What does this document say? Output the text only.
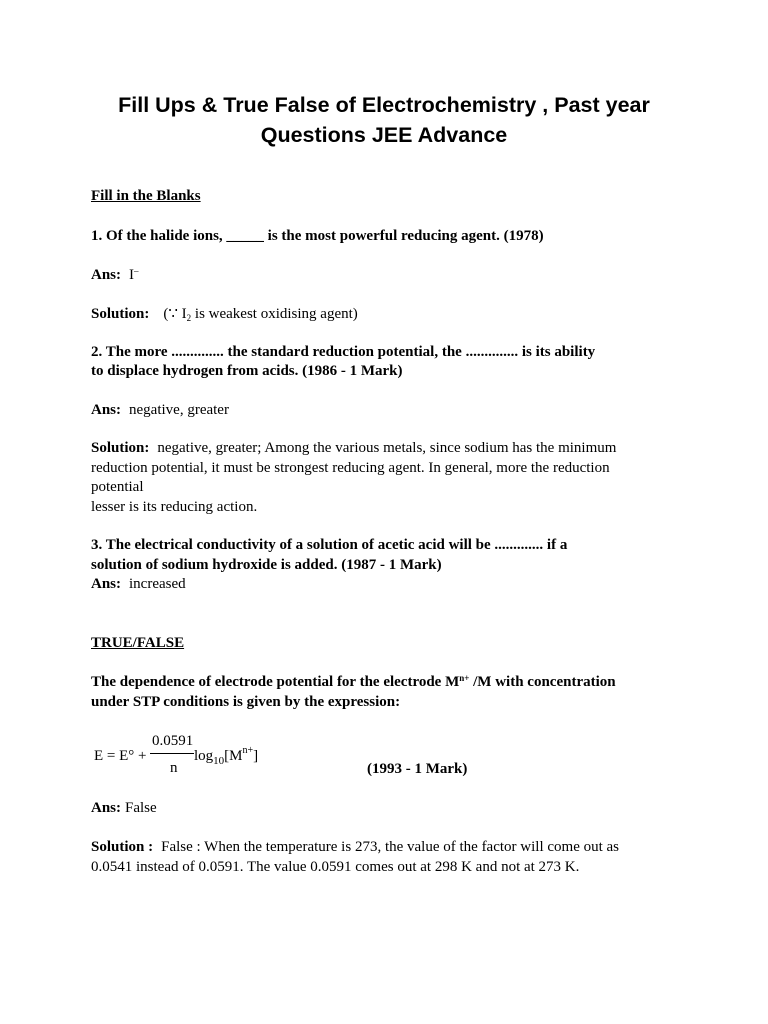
Fill Ups & True False of Electrochemistry , Past year
Questions JEE Advance
Fill in the Blanks
1. Of the halide ions, _____ is the most powerful reducing agent. (1978)
Ans: I–
Solution: (∵ $I_2$ is weakest oxidising agent)
2. The more .............. the standard reduction potential, the .............. is its ability
to displace hydrogen from acids. (1986 - 1 Mark)
Ans: negative, greater
Solution: negative, greater; Among the various metals, since sodium has the minimum
reduction potential, it must be strongest reducing agent. In general, more the reduction
potential
lesser is its reducing action.
3. The electrical conductivity of a solution of acetic acid will be ............. if a
solution of sodium hydroxide is added. (1987 - 1 Mark)
Ans: increased
TRUE/FALSE
The dependence of electrode potential for the electrode $M^{n+}$ /M with concentration
under STP conditions is given by the expression:
E = E° +
0.0591
n
$\log_{10}[M^{n+}]$
(1993 - 1 Mark)
Ans: False
Solution : False : When the temperature is 273, the value of the factor will come out as
0.0541 instead of 0.0591. The value 0.0591 comes out at 298 K and not at 273 K.
